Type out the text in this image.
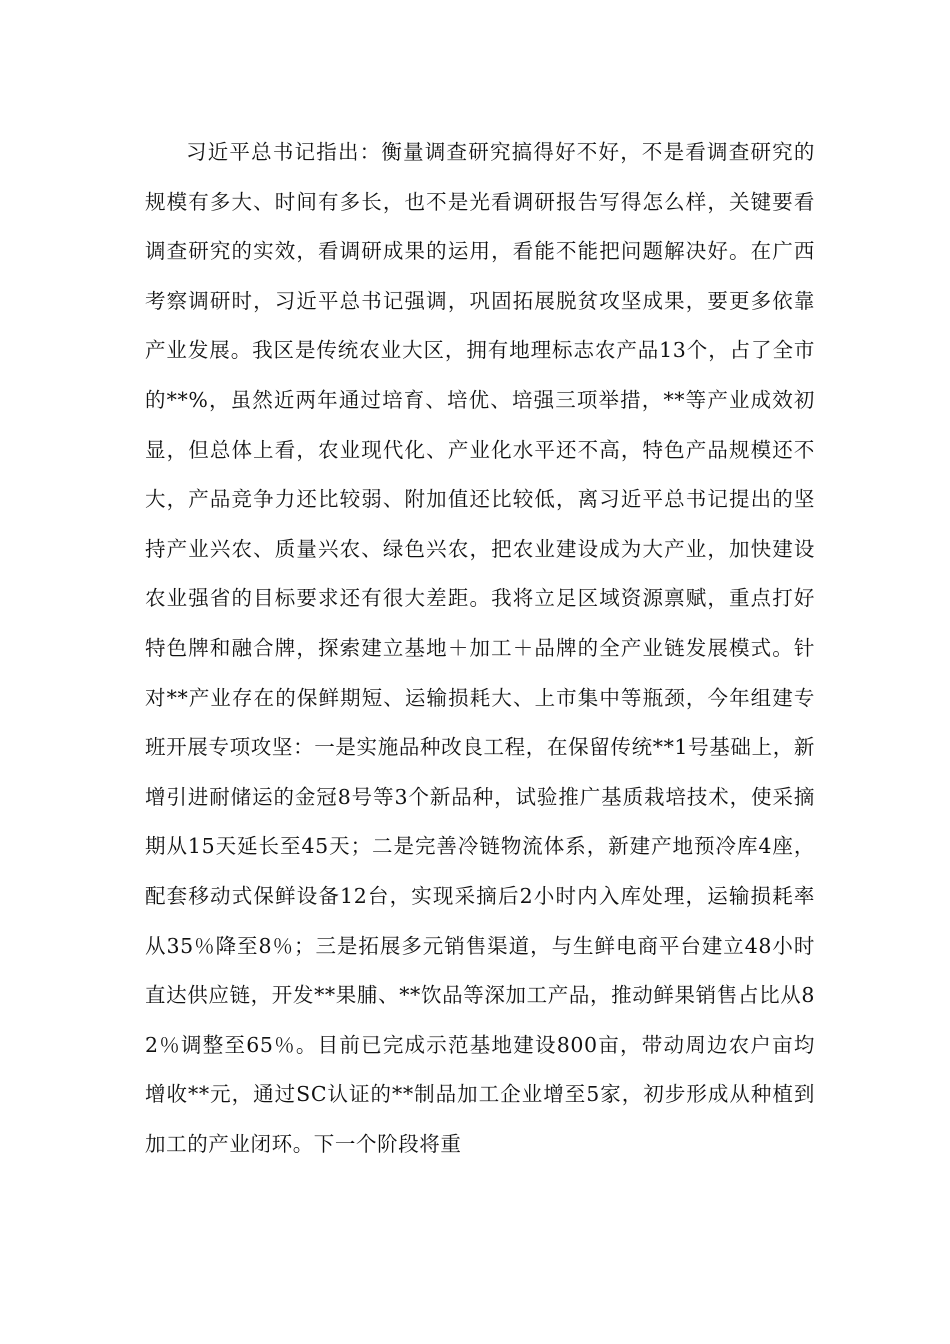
习近平总书记指出：衡量调查研究搞得好不好，不是看调查研究的规模有多大、时间有多长，也不是光看调研报告写得怎么样，关键要看调查研究的实效，看调研成果的运用，看能不能把问题解决好。在广西考察调研时，习近平总书记强调，巩固拓展脱贫攻坚成果，要更多依靠产业发展。我区是传统农业大区，拥有地理标志农产品13个，占了全市的**%，虽然近两年通过培育、培优、培强三项举措，**等产业成效初显，但总体上看，农业现代化、产业化水平还不高，特色产品规模还不大，产品竞争力还比较弱、附加值还比较低，离习近平总书记提出的坚持产业兴农、质量兴农、绿色兴农，把农业建设成为大产业，加快建设农业强省的目标要求还有很大差距。我将立足区域资源禀赋，重点打好特色牌和融合牌，探索建立基地＋加工＋品牌的全产业链发展模式。针对**产业存在的保鲜期短、运输损耗大、上市集中等瓶颈，今年组建专班开展专项攻坚：一是实施品种改良工程，在保留传统**1号基础上，新增引进耐储运的金冠8号等3个新品种，试验推广基质栽培技术，使采摘期从15天延长至45天；二是完善冷链物流体系，新建产地预冷库4座，配套移动式保鲜设备12台，实现采摘后2小时内入库处理，运输损耗率从35％降至8％；三是拓展多元销售渠道，与生鲜电商平台建立48小时直达供应链，开发**果脯、**饮品等深加工产品，推动鲜果销售占比从82％调整至65％。目前已完成示范基地建设800亩，带动周边农户亩均增收**元，通过SC认证的**制品加工企业增至5家，初步形成从种植到加工的产业闭环。下一个阶段将重
